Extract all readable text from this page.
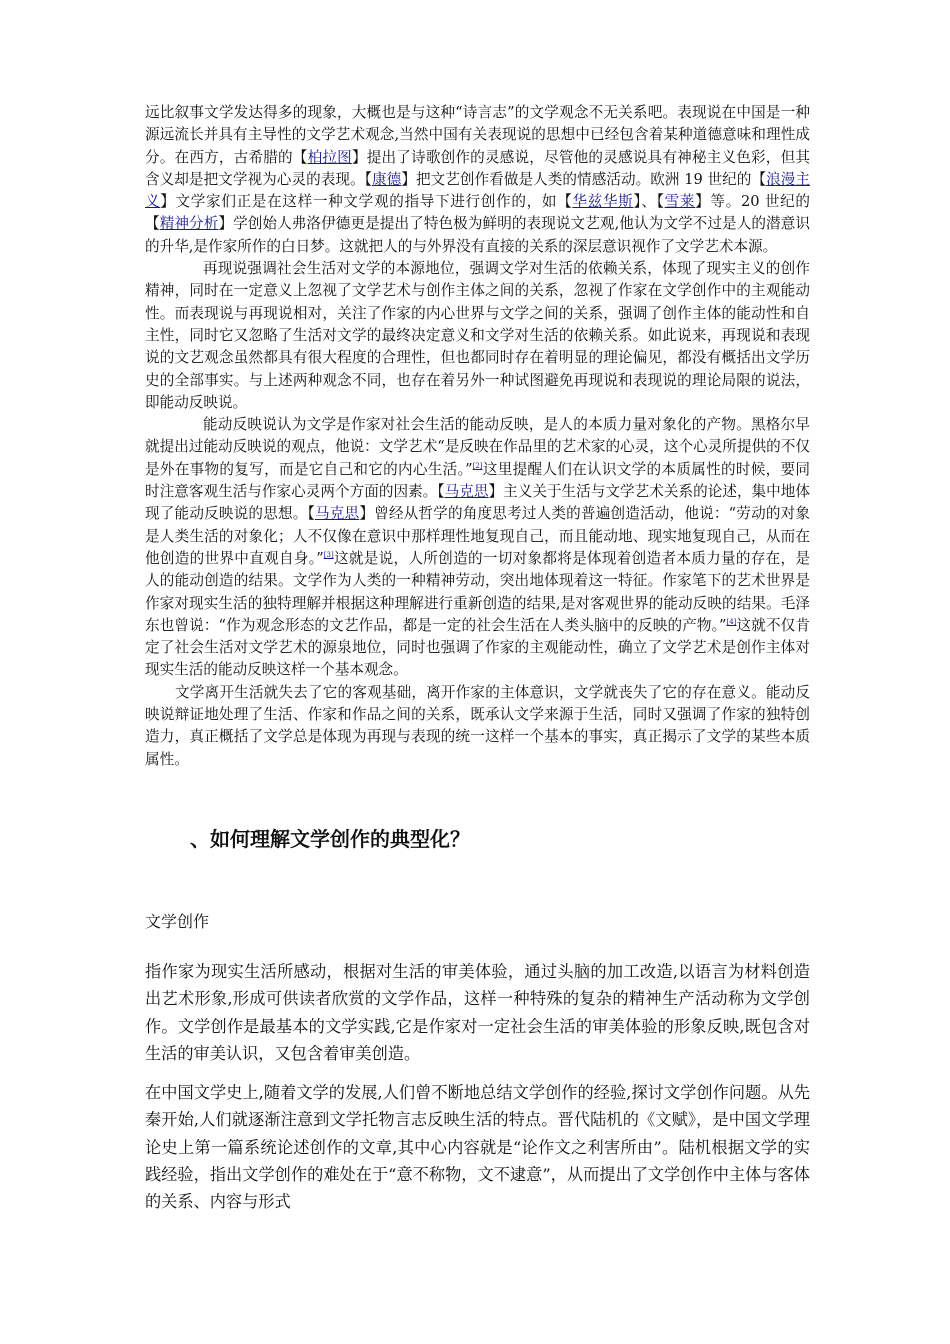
远比叙事文学发达得多的现象，大概也是与这种“诗言志”的文学观念不无关系吧。表现说在中国是一种源远流长并具有主导性的文学艺术观念,当然中国有关表现说的思想中已经包含着某种道德意味和理性成分。在西方，古希腊的【柏拉图】提出了诗歌创作的灵感说，尽管他的灵感说具有神秘主义色彩，但其含义却是把文学视为心灵的表现。【康德】把文艺创作看做是人类的情感活动。欧洲 19 世纪的【浪漫主义】文学家们正是在这样一种文学观的指导下进行创作的，如【华兹华斯】、【雪莱】等。20 世纪的【精神分析】学创始人弗洛伊德更是提出了特色极为鲜明的表现说文艺观,他认为文学不过是人的潜意识的升华,是作家所作的白日梦。这就把人的与外界没有直接的关系的深层意识视作了文学艺术本源。

再现说强调社会生活对文学的本源地位，强调文学对生活的依赖关系，体现了现实主义的创作精神，同时在一定意义上忽视了文学艺术与创作主体之间的关系，忽视了作家在文学创作中的主观能动性。而表现说与再现说相对，关注了作家的内心世界与文学之间的关系，强调了创作主体的能动性和自主性，同时它又忽略了生活对文学的最终决定意义和文学对生活的依赖关系。如此说来，再现说和表现说的文艺观念虽然都具有很大程度的合理性，但也都同时存在着明显的理论偏见，都没有概括出文学历史的全部事实。与上述两种观念不同，也存在着另外一种试图避免再现说和表现说的理论局限的说法，即能动反映说。

能动反映说认为文学是作家对社会生活的能动反映，是人的本质力量对象化的产物。黑格尔早就提出过能动反映说的观点，他说：文学艺术“是反映在作品里的艺术家的心灵，这个心灵所提供的不仅是外在事物的复写，而是它自己和它的内心生活。”[2]这里提醒人们在认识文学的本质属性的时候，要同时注意客观生活与作家心灵两个方面的因素。【马克思】主义关于生活与文学艺术关系的论述，集中地体现了能动反映说的思想。【马克思】曾经从哲学的角度思考过人类的普遍创造活动，他说：“劳动的对象是人类生活的对象化；人不仅像在意识中那样理性地复现自己，而且能动地、现实地复现自己，从而在他创造的世界中直观自身。”[3]这就是说，人所创造的一切对象都将是体现着创造者本质力量的存在，是人的能动创造的结果。文学作为人类的一种精神劳动，突出地体现着这一特征。作家笔下的艺术世界是作家对现实生活的独特理解并根据这种理解进行重新创造的结果,是对客观世界的能动反映的结果。毛泽东也曾说：“作为观念形态的文艺作品，都是一定的社会生活在人类头脑中的反映的产物。”[4]这就不仅肯定了社会生活对文学艺术的源泉地位，同时也强调了作家的主观能动性，确立了文学艺术是创作主体对现实生活的能动反映这样一个基本观念。

文学离开生活就失去了它的客观基础，离开作家的主体意识，文学就丧失了它的存在意义。能动反映说辩证地处理了生活、作家和作品之间的关系，既承认文学来源于生活，同时又强调了作家的独特创造力，真正概括了文学总是体现为再现与表现的统一这样一个基本的事实，真正揭示了文学的某些本质属性。

、如何理解文学创作的典型化？

文学创作

指作家为现实生活所感动，根据对生活的审美体验，通过头脑的加工改造,以语言为材料创造出艺术形象,形成可供读者欣赏的文学作品，这样一种特殊的复杂的精神生产活动称为文学创作。文学创作是最基本的文学实践,它是作家对一定社会生活的审美体验的形象反映,既包含对生活的审美认识，又包含着审美创造。

在中国文学史上,随着文学的发展,人们曾不断地总结文学创作的经验,探讨文学创作问题。从先秦开始,人们就逐渐注意到文学托物言志反映生活的特点。晋代陆机的《文赋》，是中国文学理论史上第一篇系统论述创作的文章,其中心内容就是“论作文之利害所由”。陆机根据文学的实践经验，指出文学创作的难处在于“意不称物，文不逮意”，从而提出了文学创作中主体与客体的关系、内容与形式
